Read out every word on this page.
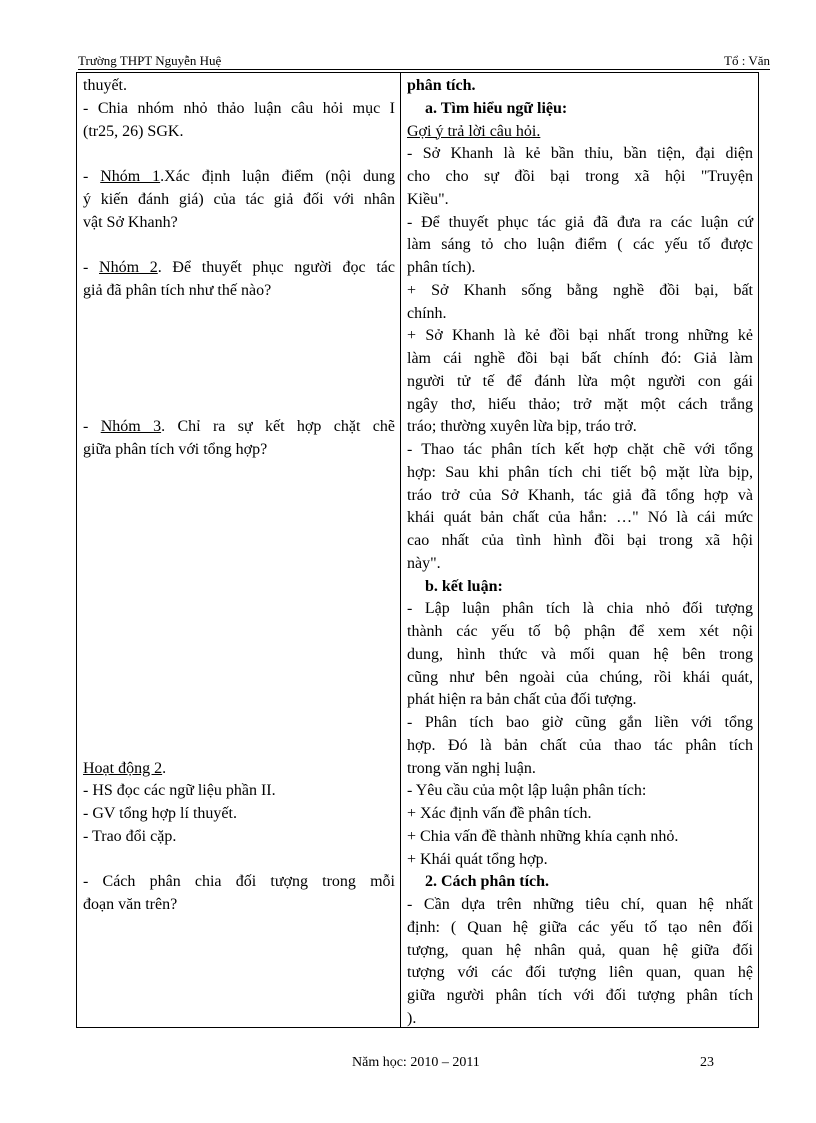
Trường THPT Nguyễn Huệ	Tổ : Văn
thuyết.
- Chia nhóm nhỏ thảo luận câu hỏi mục I
(tr25, 26) SGK.

- Nhóm 1.Xác định luận điểm (nội dung
ý kiến đánh giá) của tác giả đối với nhân
vật Sở Khanh?

- Nhóm 2. Để thuyết phục người đọc tác
giả đã phân tích như thế nào?

- Nhóm 3. Chỉ ra sự kết hợp chặt chẽ
giữa phân tích với tổng hợp?

Hoạt động 2.
- HS đọc các ngữ liệu phần II.
- GV tổng hợp lí thuyết.
- Trao đổi cặp.

- Cách phân chia đối tượng trong mỗi
đoạn văn trên?
phân tích.
a. Tìm hiểu ngữ liệu:
Gợi ý trả lời câu hỏi.
- Sở Khanh là kẻ bần thỉu, bần tiện, đại diện
cho cho sự đồi bại trong xã hội "Truyện
Kiều".
- Để thuyết phục tác giả đã đưa ra các luận cứ
làm sáng tỏ cho luận điểm ( các yếu tố được
phân tích).
+ Sở Khanh sống bằng nghề đồi bại, bất
chính.
+ Sở Khanh là kẻ đồi bại nhất trong những kẻ
làm cái nghề đồi bại bất chính đó: Giả làm
người tử tế để đánh lừa một người con gái
ngây thơ, hiếu thảo; trở mặt một cách trắng
tráo; thường xuyên lừa bịp, tráo trở.
- Thao tác phân tích kết hợp chặt chẽ với tổng
hợp: Sau khi phân tích chi tiết bộ mặt lừa bịp,
tráo trở của Sở Khanh, tác giả đã tổng hợp và
khái quát bản chất của hắn: …" Nó là cái mức
cao nhất của tình hình đồi bại trong xã hội
này".
b. kết luận:
- Lập luận phân tích là chia nhỏ đối tượng
thành các yếu tố bộ phận để xem xét nội
dung, hình thức và mối quan hệ bên trong
cũng như bên ngoài của chúng, rồi khái quát,
phát hiện ra bản chất của đối tượng.
- Phân tích bao giờ cũng gắn liền với tổng
hợp. Đó là bản chất của thao tác phân tích
trong văn nghị luận.
- Yêu cầu của một lập luận phân tích:
+ Xác định vấn đề phân tích.
+ Chia vấn đề thành những khía cạnh nhỏ.
+ Khái quát tổng hợp.
2. Cách phân tích.
- Cần dựa trên những tiêu chí, quan hệ nhất
định: ( Quan hệ giữa các yếu tố tạo nên đối
tượng, quan hệ nhân quả, quan hệ giữa đối
tượng với các đối tượng liên quan, quan hệ
giữa người phân tích với đối tượng phân tích
).
Năm học: 2010 – 2011	23
